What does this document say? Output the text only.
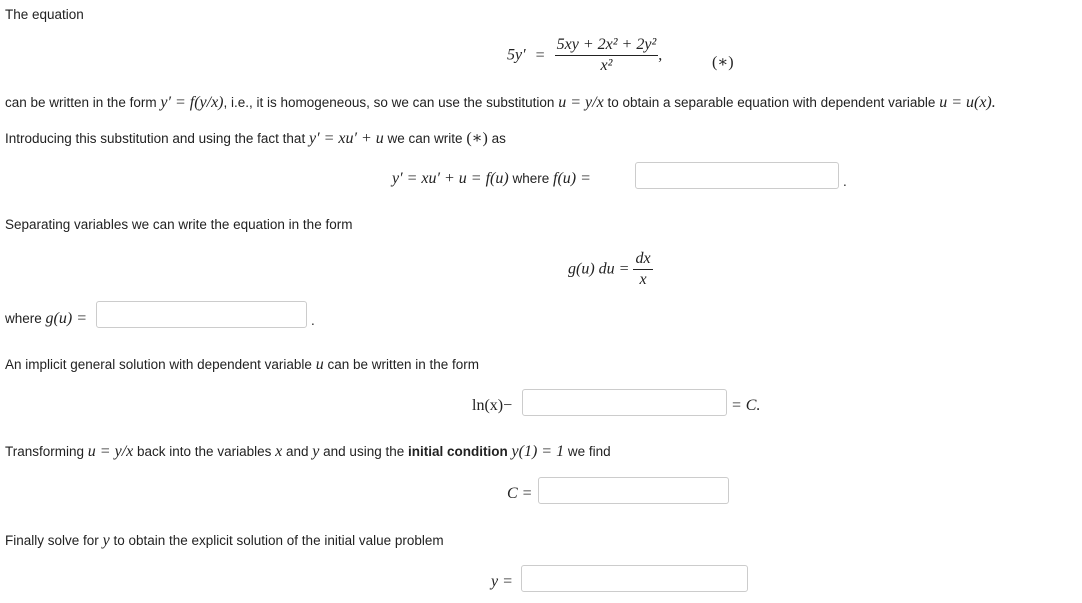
The equation
$5y' = \frac{\text{5xy + 2x² + 2y²}}{\text{x²}}$ ,	(∗)
can be written in the form y′ = f(y/x), i.e., it is homogeneous, so we can use the substitution u = y/x to obtain a separable equation with dependent variable u = u(x).
Introducing this substitution and using the fact that y′ = xu′ + u we can write (∗) as
y′ = xu′ + u = f(u) where f(u) =	.
Separating variables we can write the equation in the form
g(u) du = $\frac{dx}{x}$
where g(u) =	.
An implicit general solution with dependent variable u can be written in the form
ln(x)−	= C.
Transforming u = y/x back into the variables x and y and using the initial condition y(1) = 1 we find
C =
Finally solve for y to obtain the explicit solution of the initial value problem
y =
